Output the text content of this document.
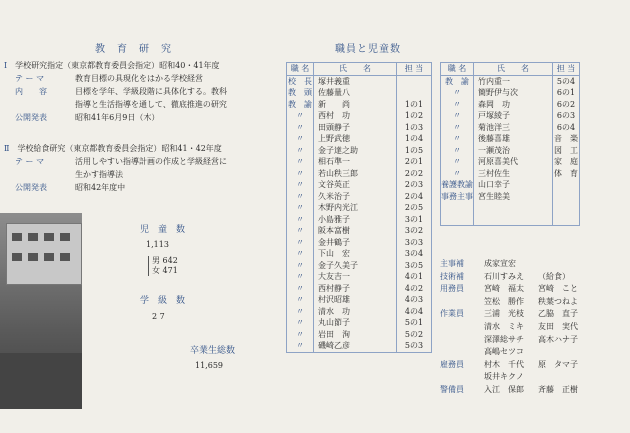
教　育　研　究
Ⅰ　 学校研究指定（東京都教育委員会指定）昭和40・41年度
テ ー マ	教育目標の具現化をはかる学校経営
内　　容	目標を学年、学級段階に具体化する。教科
	指導と生活指導を通して、徹底推進の研究
公開発表	昭和41年6月9日（木）
Ⅱ　 学校給食研究（東京都教育委員会指定）昭和41・42年度
テ ー マ	活用しやすい指導計画の作成と学級経営に
	生かす指導法
公開発表	昭和42年度中
児　童　数
1,113
男 642
女 471
学　級　数
2 7
卒業生総数
11,659
職員と児童数
職 名	氏　　名	担 当
校　長	塚井義重	
教　頭	佐藤量八	
教　諭	新　　尚	1の1
〃	西村　功	1の2
〃	田頭静子	1の3
〃	上野武徳	1の4
〃	金子達之助	1の5
〃	相石準一	2の1
〃	若山秩三郎	2の2
〃	文谷英正	2の3
〃	久米治子	2の4
〃	木野内光江	2の5
〃	小島雅子	3の1
〃	阪本富樹	3の2
〃	金井鶴子	3の3
〃	下山　宏	3の4
〃	金子久美子	3の5
〃	大友吉一	4の1
〃	西村静子	4の2
〃	村沢昭雄	4の3
〃	清水　功	4の4
〃	丸山節子	5の1
〃	岩田　洵	5の2
〃	磯崎乙彦	5の3
職 名	氏　　名	担 当
教　諭	竹内重一	5の4
〃	簡野伊与次	6の1
〃	森岡　功	6の2
〃	戸塚綾子	6の3
〃	菊池洋三	6の4
〃	後藤喜雄	音　楽
〃	一瀬茂治	図　工
〃	河原喜美代	家　庭
〃	三村佐生	体　育
養護教諭	山口幸子	
事務主事	宮生睦美	

主事補	成家宣宏
技術補	石川すみえ （給食）
用務員	宮崎　福太 宮崎　こと
笠松　勝作 秩葉つねよ
作業員	三浦　光枝 乙脇　直子
清水　ミキ 友田　実代
深澤総サチ 高木ハナ子
高嶋セツコ
雇務員	村木　千代 原　タマ子
坂井キクノ
警備員	入江　保郎 斉藤　正樹
